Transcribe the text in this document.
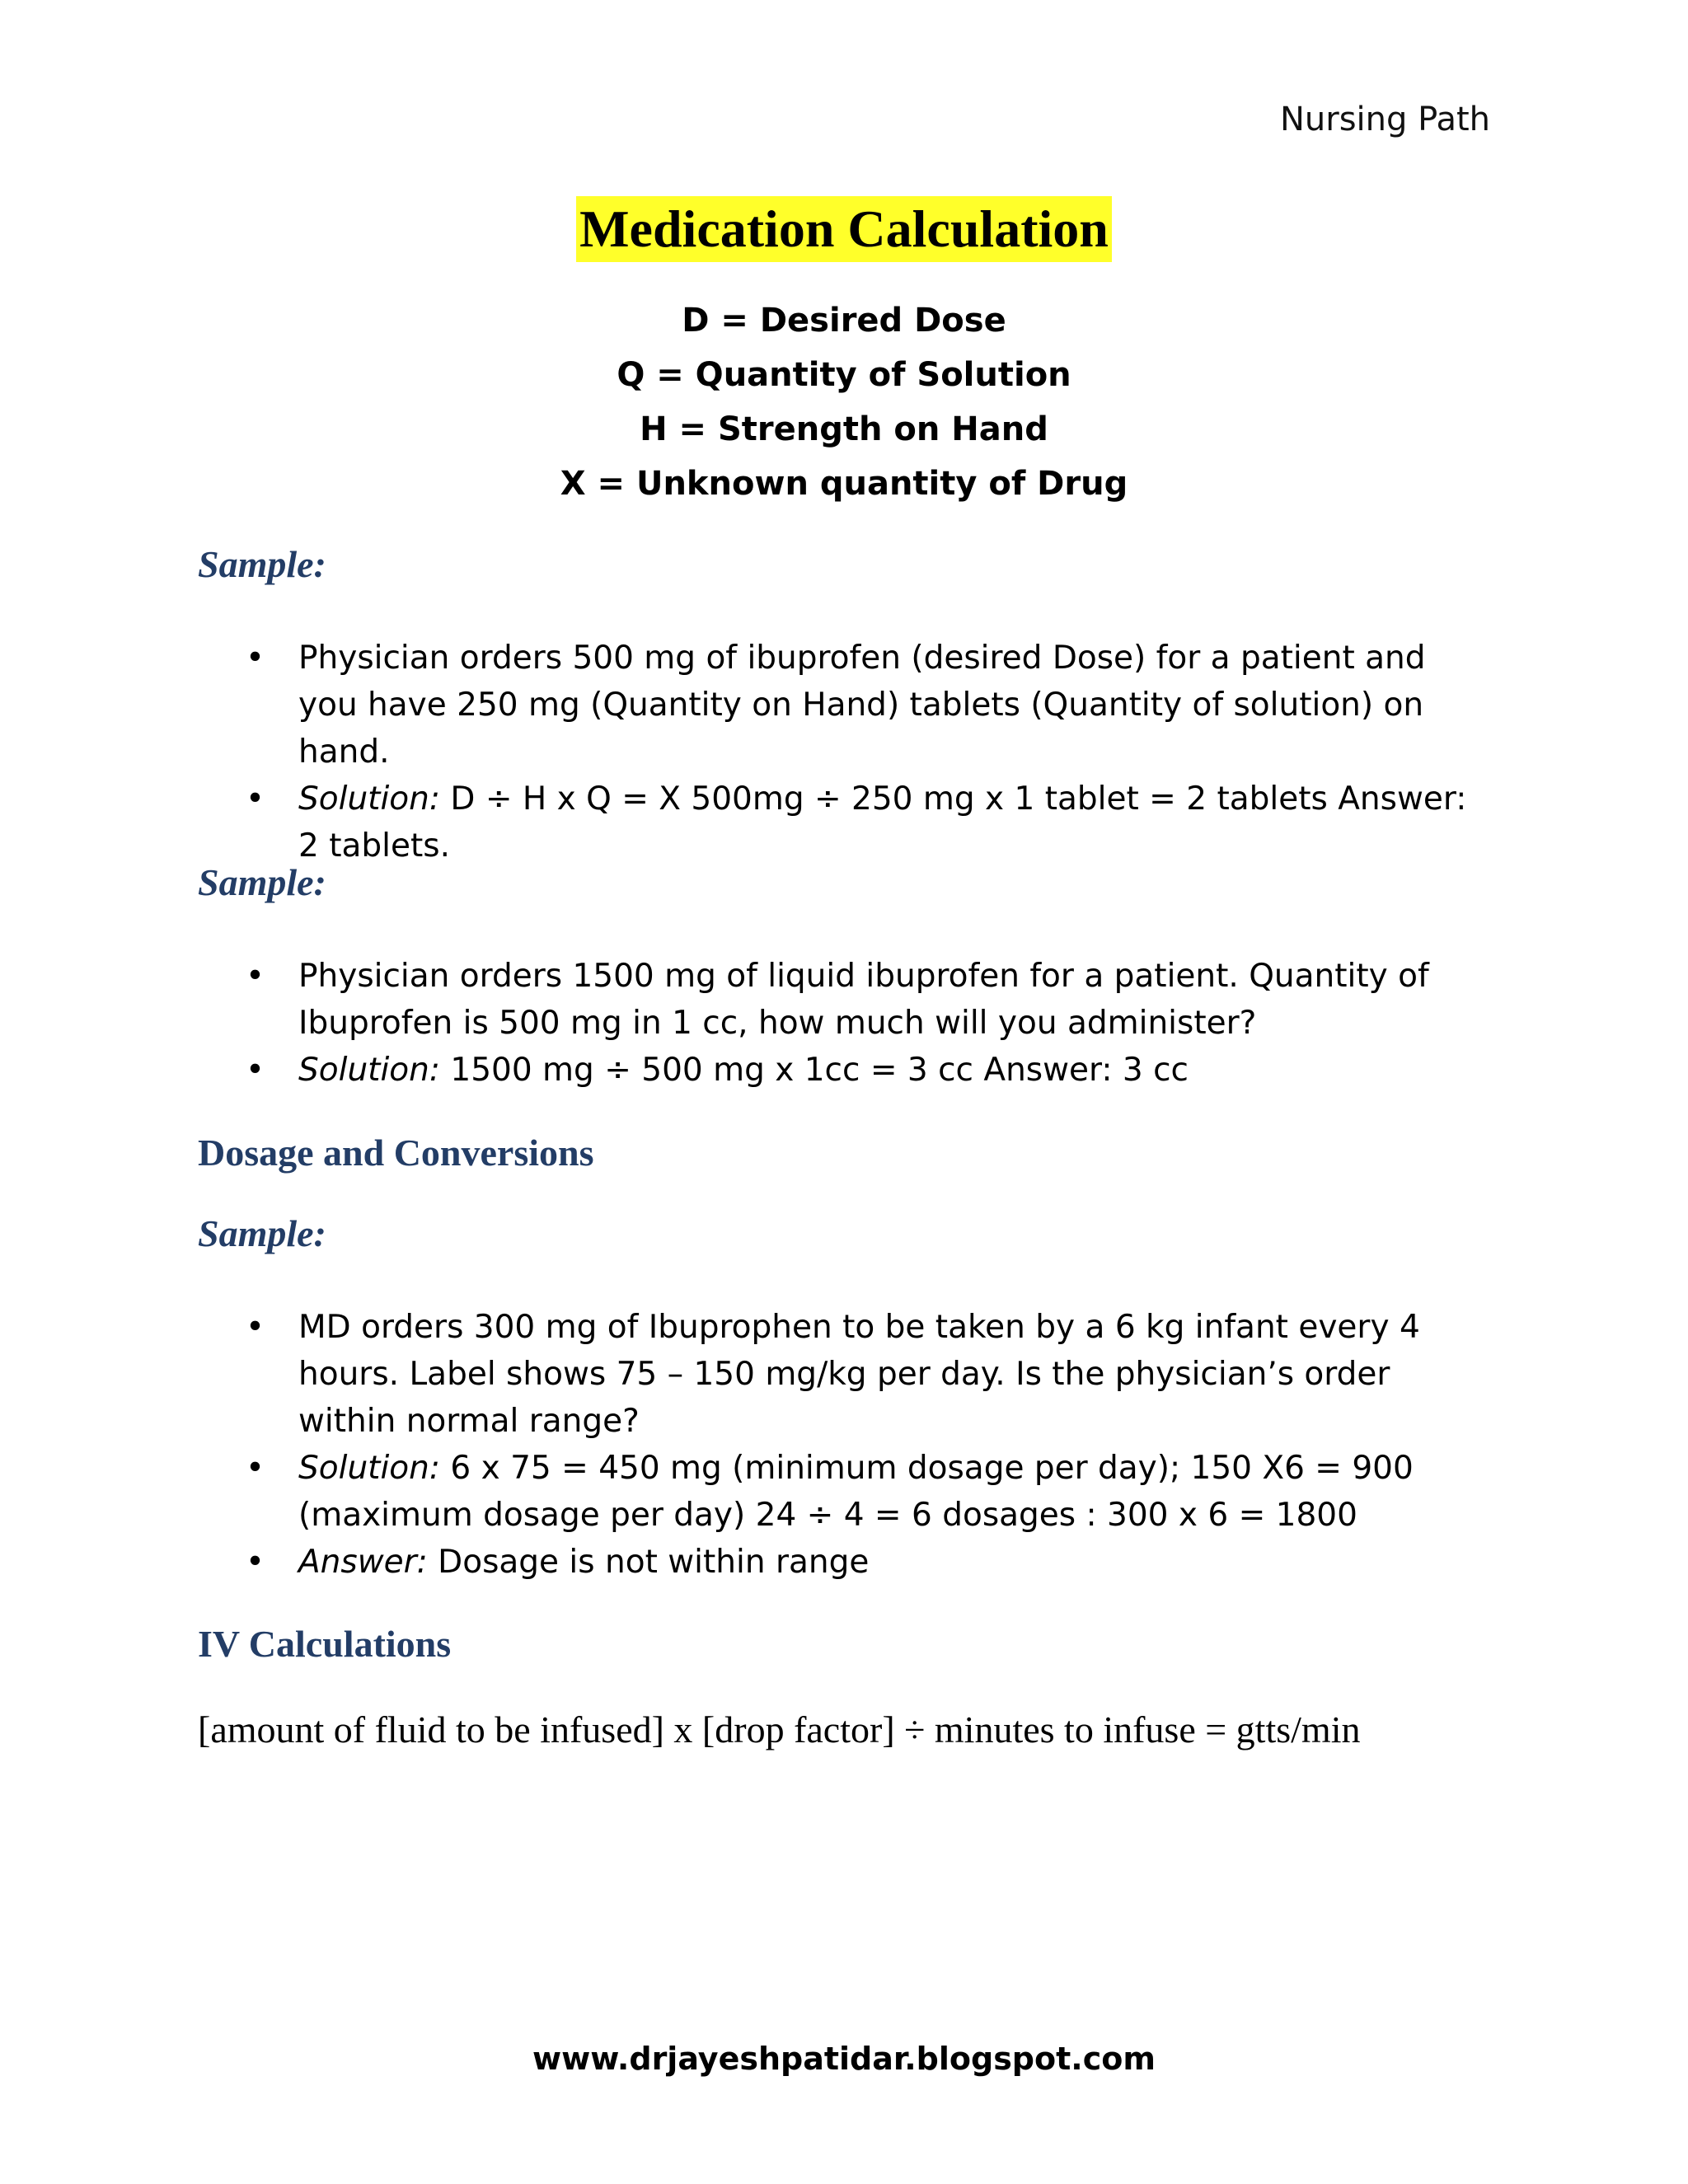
Nursing Path
Medication Calculation
D = Desired Dose
Q = Quantity of Solution
H = Strength on Hand
X = Unknown quantity of Drug
Sample:
• Physician orders 500 mg of ibuprofen (desired Dose) for a patient and you have 250 mg (Quantity on Hand) tablets (Quantity of solution) on hand.
• Solution: D ÷ H x Q = X 500mg ÷ 250 mg x 1 tablet = 2 tablets Answer: 2 tablets.
Sample:
• Physician orders 1500 mg of liquid ibuprofen for a patient. Quantity of Ibuprofen is 500 mg in 1 cc, how much will you administer?
• Solution: 1500 mg ÷ 500 mg x 1cc = 3 cc Answer: 3 cc
Dosage and Conversions
Sample:
• MD orders 300 mg of Ibuprophen to be taken by a 6 kg infant every 4 hours. Label shows 75 – 150 mg/kg per day. Is the physician’s order within normal range?
• Solution: 6 x 75 = 450 mg (minimum dosage per day); 150 X6 = 900 (maximum dosage per day) 24 ÷ 4 = 6 dosages : 300 x 6 = 1800
• Answer: Dosage is not within range
IV Calculations
[amount of fluid to be infused] x [drop factor] ÷ minutes to infuse = gtts/min
www.drjayeshpatidar.blogspot.com
